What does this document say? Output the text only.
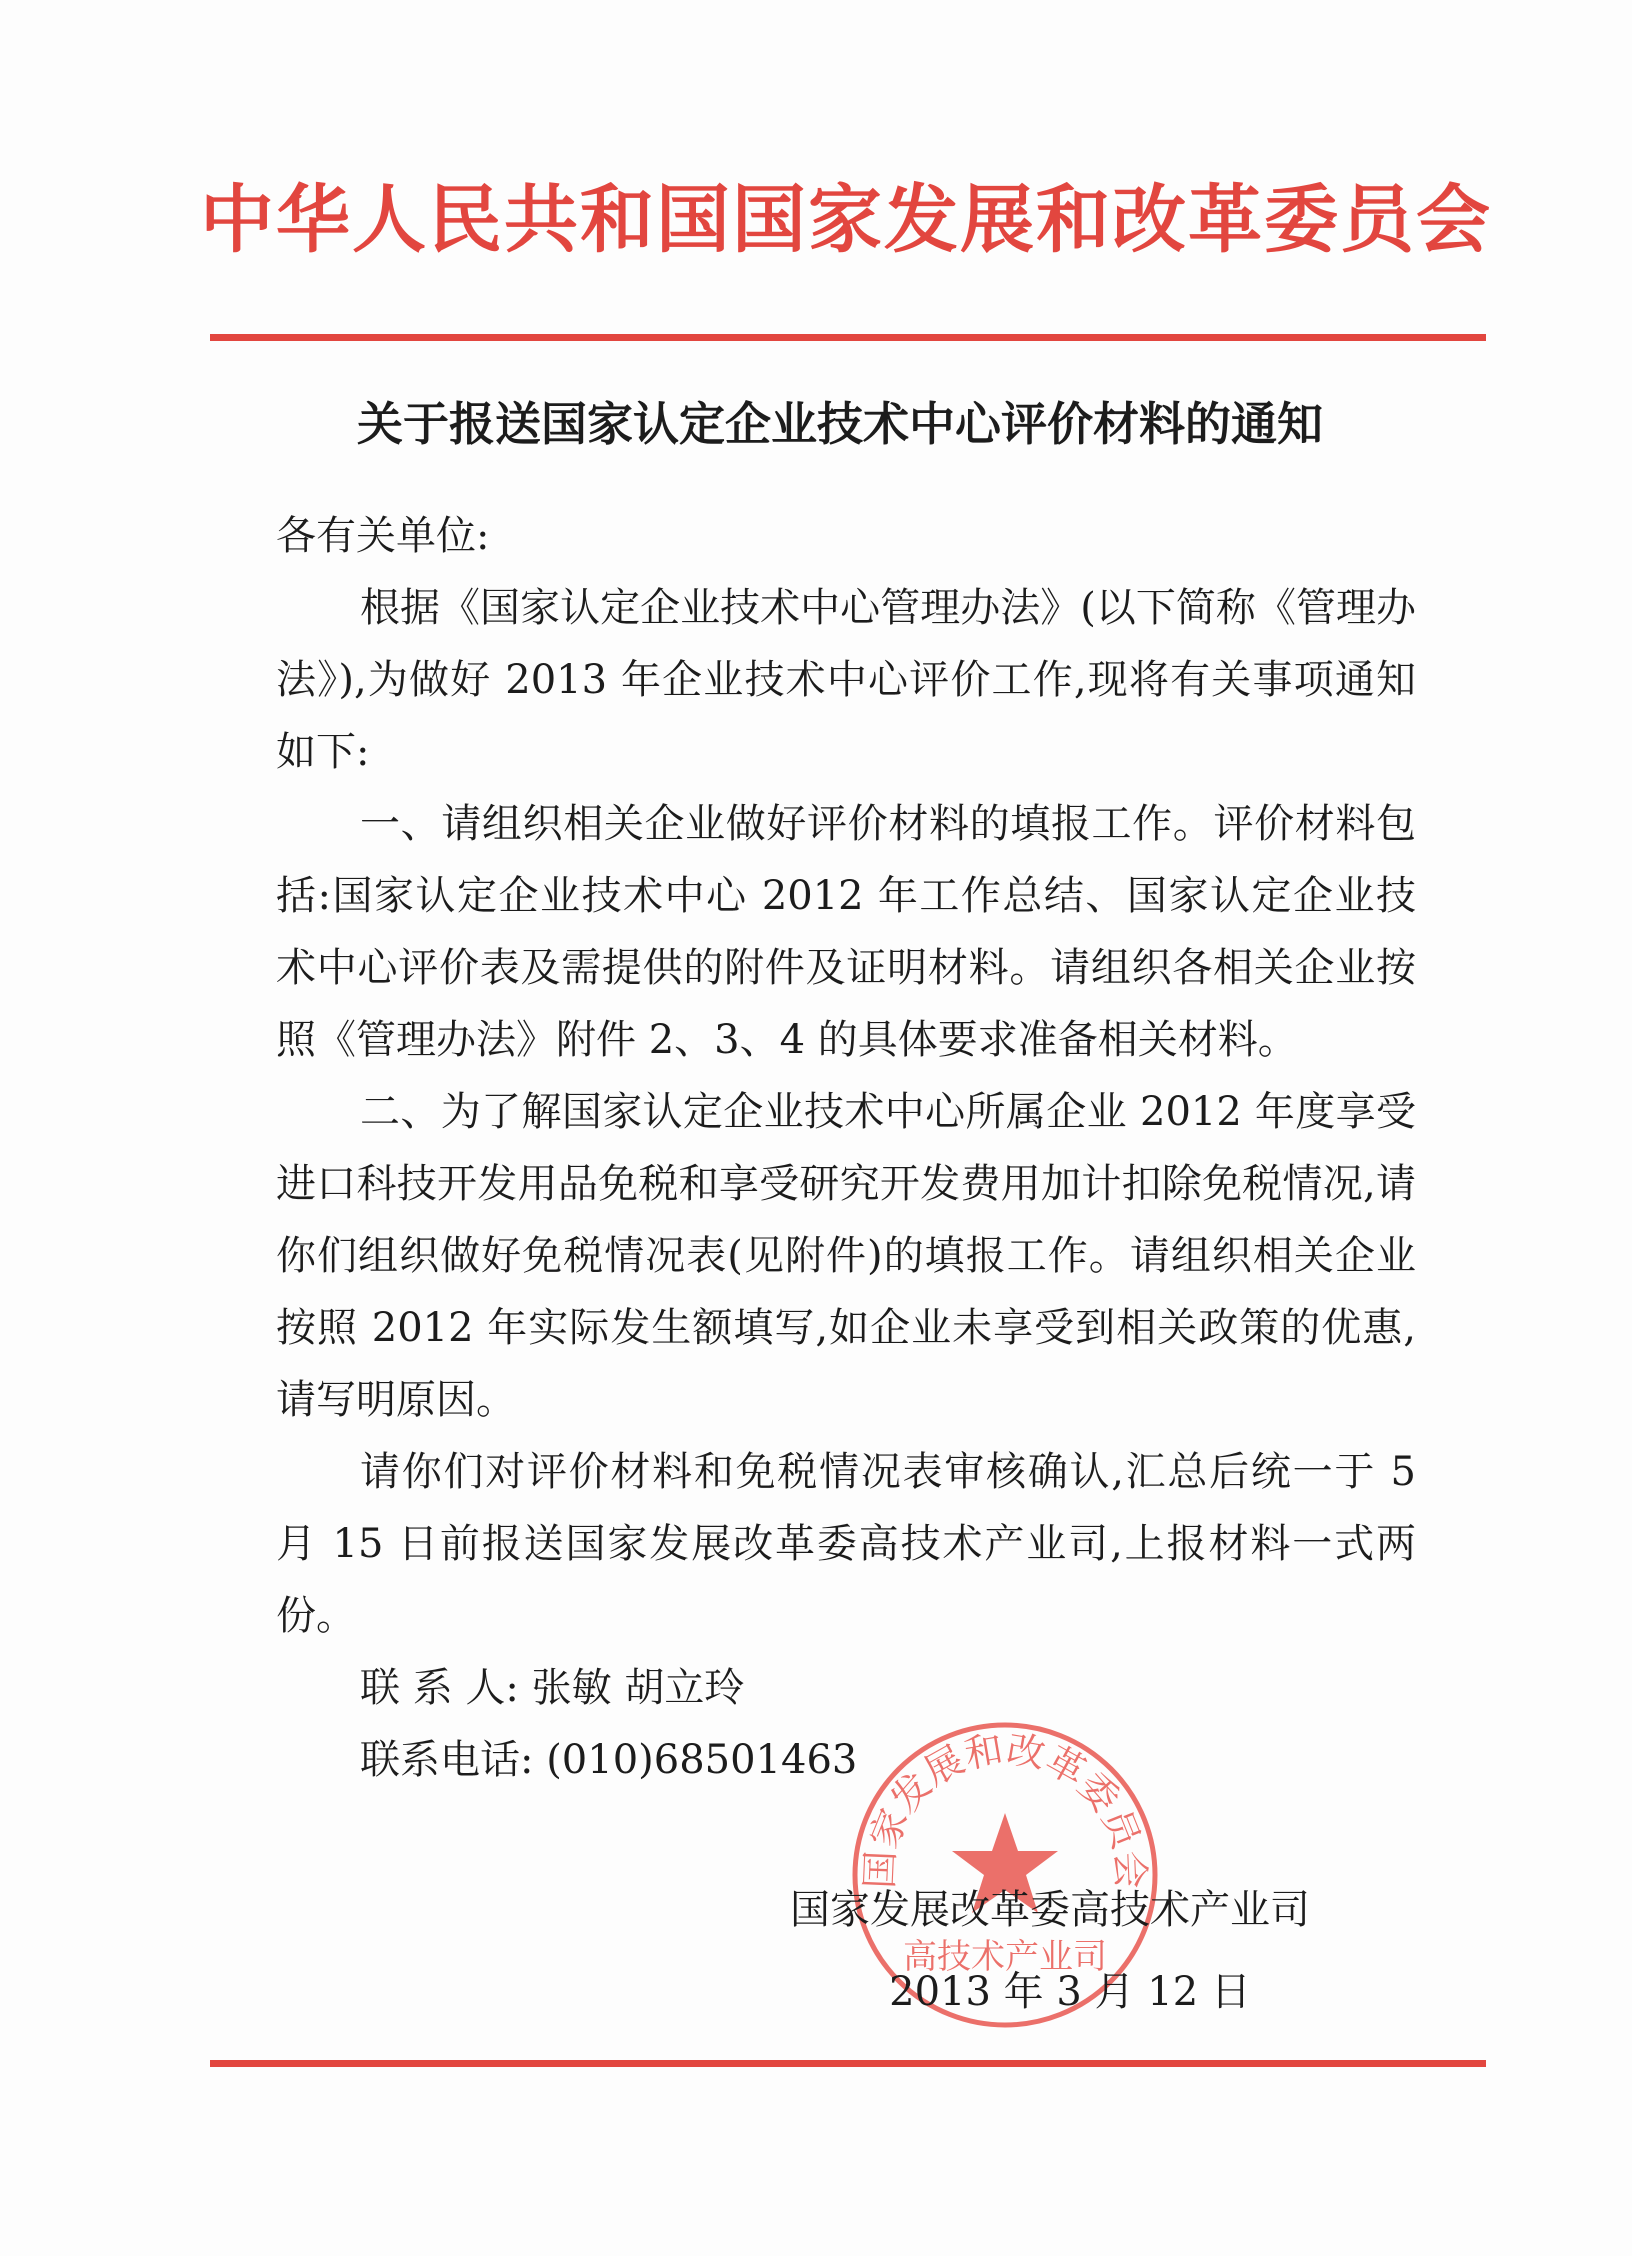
中华人民共和国国家发展和改革委员会
关于报送国家认定企业技术中心评价材料的通知

各有关单位:

根据《国家认定企业技术中心管理办法》(以下简称《管理办法》),为做好 2013 年企业技术中心评价工作,现将有关事项通知如下:

一、请组织相关企业做好评价材料的填报工作。评价材料包括:国家认定企业技术中心 2012 年工作总结、国家认定企业技术中心评价表及需提供的附件及证明材料。请组织各相关企业按照《管理办法》附件 2、3、4 的具体要求准备相关材料。

二、为了解国家认定企业技术中心所属企业 2012 年度享受进口科技开发用品免税和享受研究开发费用加计扣除免税情况,请你们组织做好免税情况表(见附件)的填报工作。请组织相关企业按照 2012 年实际发生额填写,如企业未享受到相关政策的优惠,请写明原因。

请你们对评价材料和免税情况表审核确认,汇总后统一于 5 月 15 日前报送国家发展改革委高技术产业司,上报材料一式两份。

联 系 人: 张敏 胡立玲
联系电话: (010)68501463
国家发展和改革委员会
高技术产业司
国家发展改革委高技术产业司
2013 年 3 月 12 日
